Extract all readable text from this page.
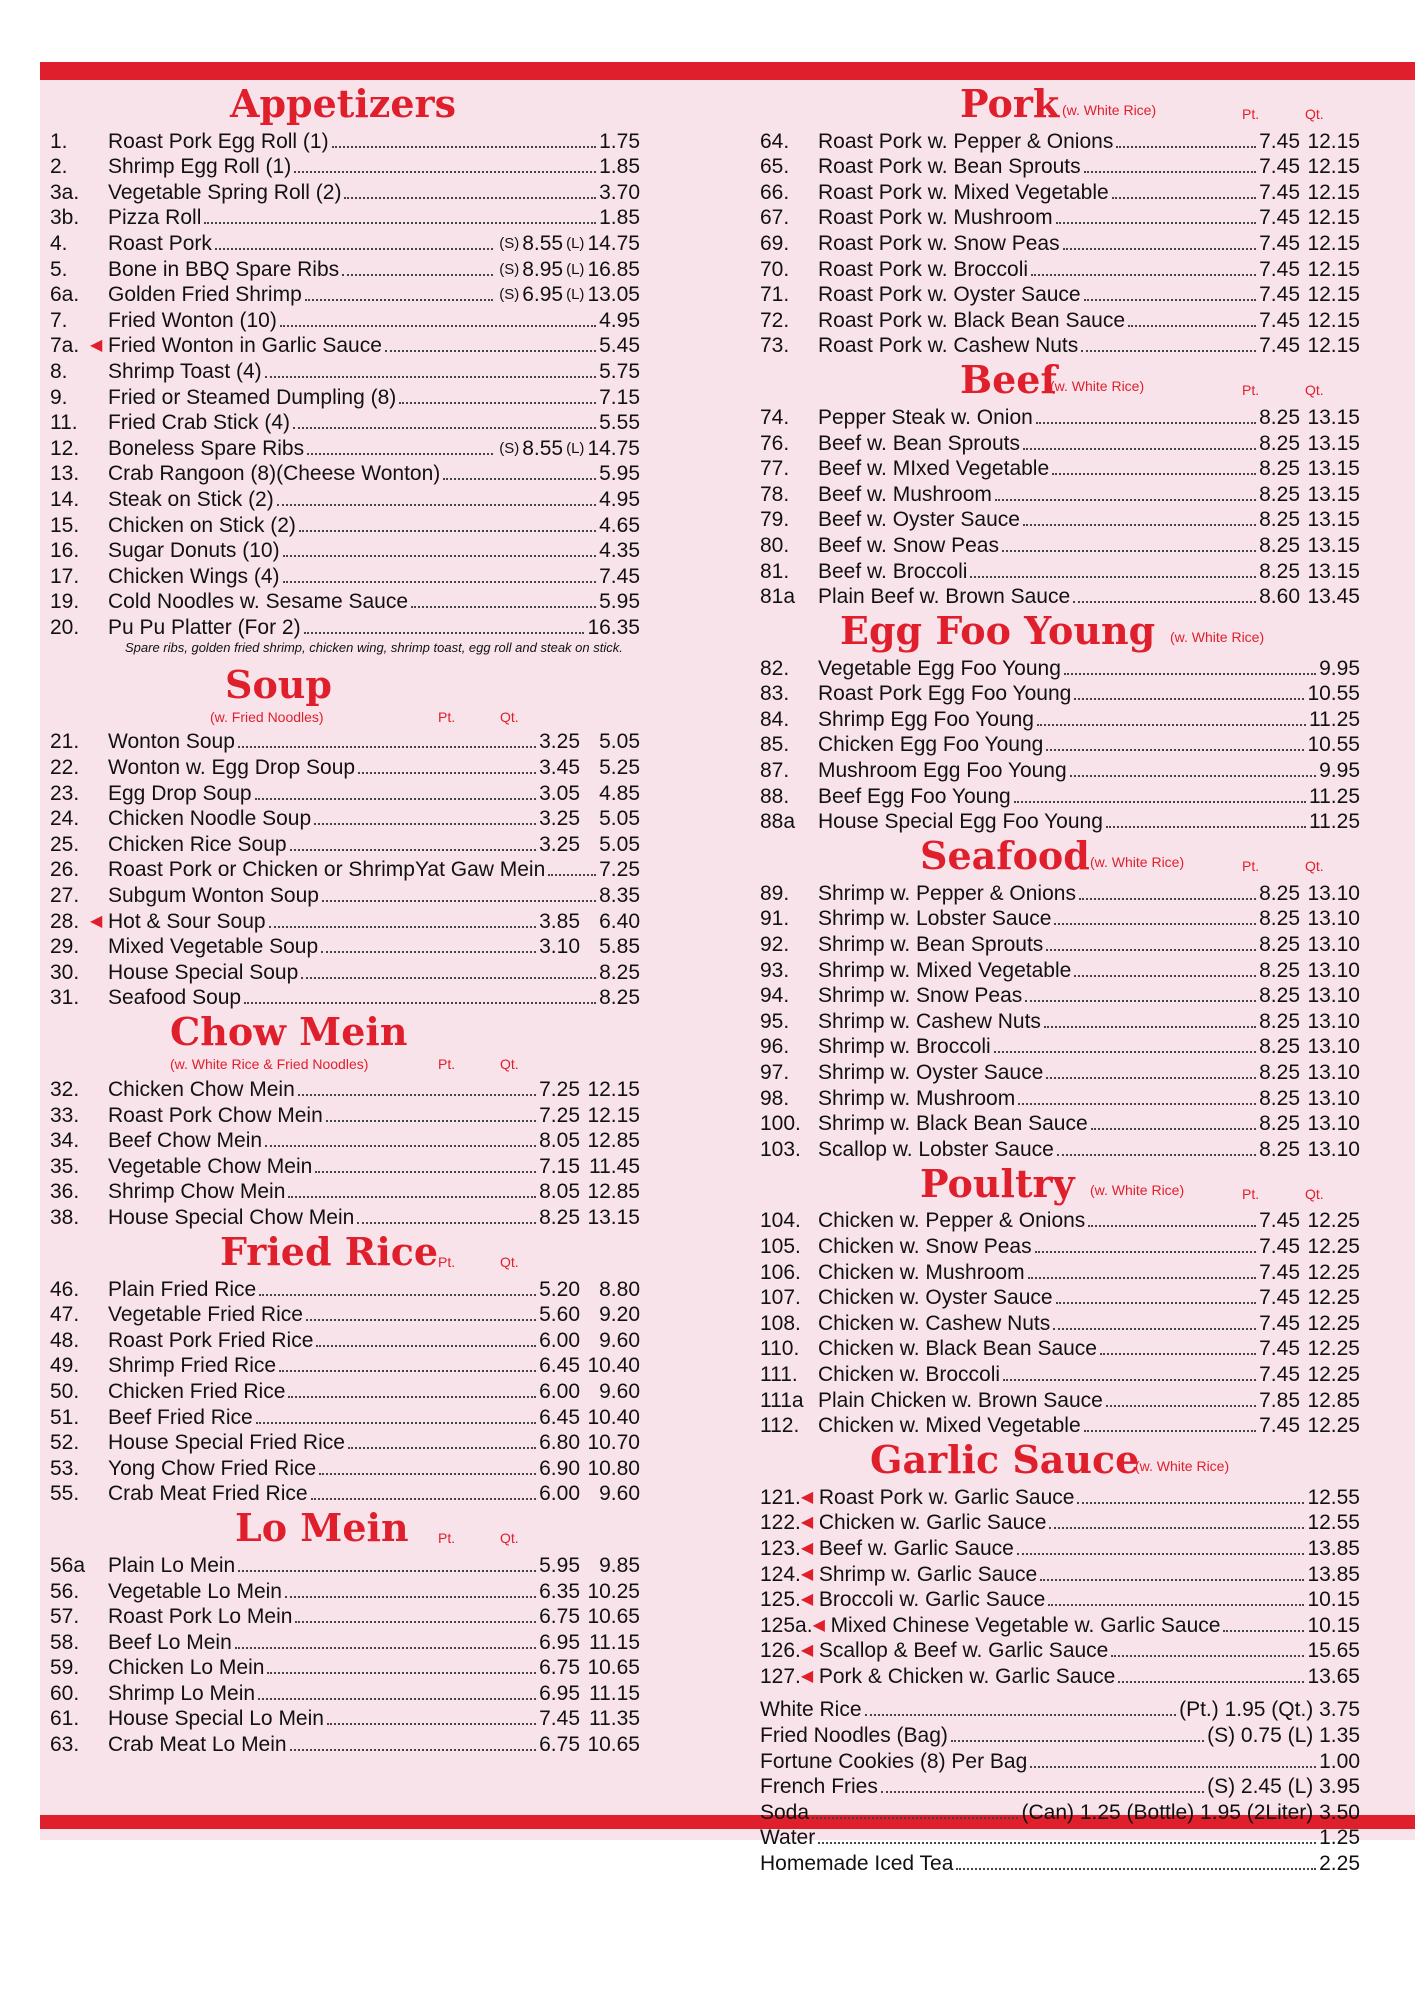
Appetizers
1.	Roast Pork Egg Roll (1)	1.75
2.	Shrimp Egg Roll (1)	1.85
3a.	Vegetable Spring Roll (2)	3.70
3b.	Pizza Roll	1.85
4.	Roast Pork	(S) 8.55 (L) 14.75
5.	Bone in BBQ Spare Ribs	(S) 8.95 (L) 16.85
6a.	Golden Fried Shrimp	(S) 6.95 (L) 13.05
7.	Fried Wonton (10)	4.95
7a. ◀ Fried Wonton in Garlic Sauce	5.45
8.	Shrimp Toast (4)	5.75
9.	Fried or Steamed Dumpling (8)	7.15
11.	Fried Crab Stick (4)	5.55
12.	Boneless Spare Ribs	(S) 8.55 (L) 14.75
13.	Crab Rangoon (8)(Cheese Wonton)	5.95
14.	Steak on Stick (2)	4.95
15.	Chicken on Stick (2)	4.65
16.	Sugar Donuts (10)	4.35
17.	Chicken Wings (4)	7.45
19.	Cold Noodles w. Sesame Sauce	5.95
20.	Pu Pu Platter (For 2)	16.35
Spare ribs, golden fried shrimp, chicken wing, shrimp toast, egg roll and steak on stick.
Soup
(w. Fried Noodles)	Pt.	Qt.
21.	Wonton Soup	3.25 5.05
22.	Wonton w. Egg Drop Soup	3.45 5.25
23.	Egg Drop Soup	3.05 4.85
24.	Chicken Noodle Soup	3.25 5.05
25.	Chicken Rice Soup	3.25 5.05
26.	Roast Pork or Chicken or ShrimpYat Gaw Mein	7.25
27.	Subgum Wonton Soup	8.35
28. ◀ Hot & Sour Soup	3.85 6.40
29.	Mixed Vegetable Soup	3.10 5.85
30.	House Special Soup	8.25
31.	Seafood Soup	8.25
Chow Mein
(w. White Rice & Fried Noodles)	Pt.	Qt.
32.	Chicken Chow Mein	7.25 12.15
33.	Roast Pork Chow Mein	7.25 12.15
34.	Beef Chow Mein	8.05 12.85
35.	Vegetable Chow Mein	7.15 11.45
36.	Shrimp Chow Mein	8.05 12.85
38.	House Special Chow Mein	8.25 13.15
Fried Rice Pt.	Qt.
46.	Plain Fried Rice	5.20 8.80
47.	Vegetable Fried Rice	5.60 9.20
48.	Roast Pork Fried Rice	6.00 9.60
49.	Shrimp Fried Rice	6.45 10.40
50.	Chicken Fried Rice	6.00 9.60
51.	Beef Fried Rice	6.45 10.40
52.	House Special Fried Rice	6.80 10.70
53.	Yong Chow Fried Rice	6.90 10.80
55.	Crab Meat Fried Rice	6.00 9.60
Lo Mein Pt.	Qt.
56a	Plain Lo Mein	5.95 9.85
56.	Vegetable Lo Mein	6.35 10.25
57.	Roast Pork Lo Mein	6.75 10.65
58.	Beef Lo Mein	6.95 11.15
59.	Chicken Lo Mein	6.75 10.65
60.	Shrimp Lo Mein	6.95 11.15
61.	House Special Lo Mein	7.45 11.35
63.	Crab Meat Lo Mein	6.75 10.65
Pork (w. White Rice)	Pt.	Qt.
64.	Roast Pork w. Pepper & Onions	7.45 12.15
65.	Roast Pork w. Bean Sprouts	7.45 12.15
66.	Roast Pork w. Mixed Vegetable	7.45 12.15
67.	Roast Pork w. Mushroom	7.45 12.15
69.	Roast Pork w. Snow Peas	7.45 12.15
70.	Roast Pork w. Broccoli	7.45 12.15
71.	Roast Pork w. Oyster Sauce	7.45 12.15
72.	Roast Pork w. Black Bean Sauce	7.45 12.15
73.	Roast Pork w. Cashew Nuts	7.45 12.15
Beef
(w. White Rice)	Pt.	Qt.
74.	Pepper Steak w. Onion	8.25 13.15
76.	Beef w. Bean Sprouts	8.25 13.15
77.	Beef w. MIxed Vegetable	8.25 13.15
78.	Beef w. Mushroom	8.25 13.15
79.	Beef w. Oyster Sauce	8.25 13.15
80.	Beef w. Snow Peas	8.25 13.15
81.	Beef w. Broccoli	8.25 13.15
81a	Plain Beef w. Brown Sauce	8.60 13.45
Egg Foo Young (w. White Rice)
82.	Vegetable Egg Foo Young	9.95
83.	Roast Pork Egg Foo Young	10.55
84.	Shrimp Egg Foo Young	11.25
85.	Chicken Egg Foo Young	10.55
87.	Mushroom Egg Foo Young	9.95
88.	Beef Egg Foo Young	11.25
88a	House Special Egg Foo Young	11.25
Seafood (w. White Rice)	Pt.	Qt.
89.	Shrimp w. Pepper & Onions	8.25 13.10
91.	Shrimp w. Lobster Sauce	8.25 13.10
92.	Shrimp w. Bean Sprouts	8.25 13.10
93.	Shrimp w. Mixed Vegetable	8.25 13.10
94.	Shrimp w. Snow Peas	8.25 13.10
95.	Shrimp w. Cashew Nuts	8.25 13.10
96.	Shrimp w. Broccoli	8.25 13.10
97.	Shrimp w. Oyster Sauce	8.25 13.10
98.	Shrimp w. Mushroom	8.25 13.10
100. Shrimp w. Black Bean Sauce	8.25 13.10
103. Scallop w. Lobster Sauce	8.25 13.10
Poultry (w. White Rice)	Pt.	Qt.
104. Chicken w. Pepper & Onions	7.45 12.25
105. Chicken w. Snow Peas	7.45 12.25
106. Chicken w. Mushroom	7.45 12.25
107. Chicken w. Oyster Sauce	7.45 12.25
108. Chicken w. Cashew Nuts	7.45 12.25
110. Chicken w. Black Bean Sauce	7.45 12.25
111. Chicken w. Broccoli	7.45 12.25
111a Plain Chicken w. Brown Sauce	7.85 12.85
112. Chicken w. Mixed Vegetable	7.45 12.25
Garlic Sauce
(w. White Rice)
121. ◀ Roast Pork w. Garlic Sauce	12.55
122. ◀ Chicken w. Garlic Sauce	12.55
123. ◀ Beef w. Garlic Sauce	13.85
124. ◀ Shrimp w. Garlic Sauce	13.85
125. ◀ Broccoli w. Garlic Sauce	10.15
125a. ◀ Mixed Chinese Vegetable w. Garlic Sauce	10.15
126. ◀ Scallop & Beef w. Garlic Sauce	15.65
127. ◀ Pork & Chicken w. Garlic Sauce	13.65
White Rice	(Pt.) 1.95 (Qt.) 3.75
Fried Noodles (Bag)	(S) 0.75 (L) 1.35
Fortune Cookies (8) Per Bag	1.00
French Fries	(S) 2.45 (L) 3.95
Soda	(Can) 1.25 (Bottle) 1.95 (2Liter) 3.50
Water	1.25
Homemade Iced Tea	2.25
